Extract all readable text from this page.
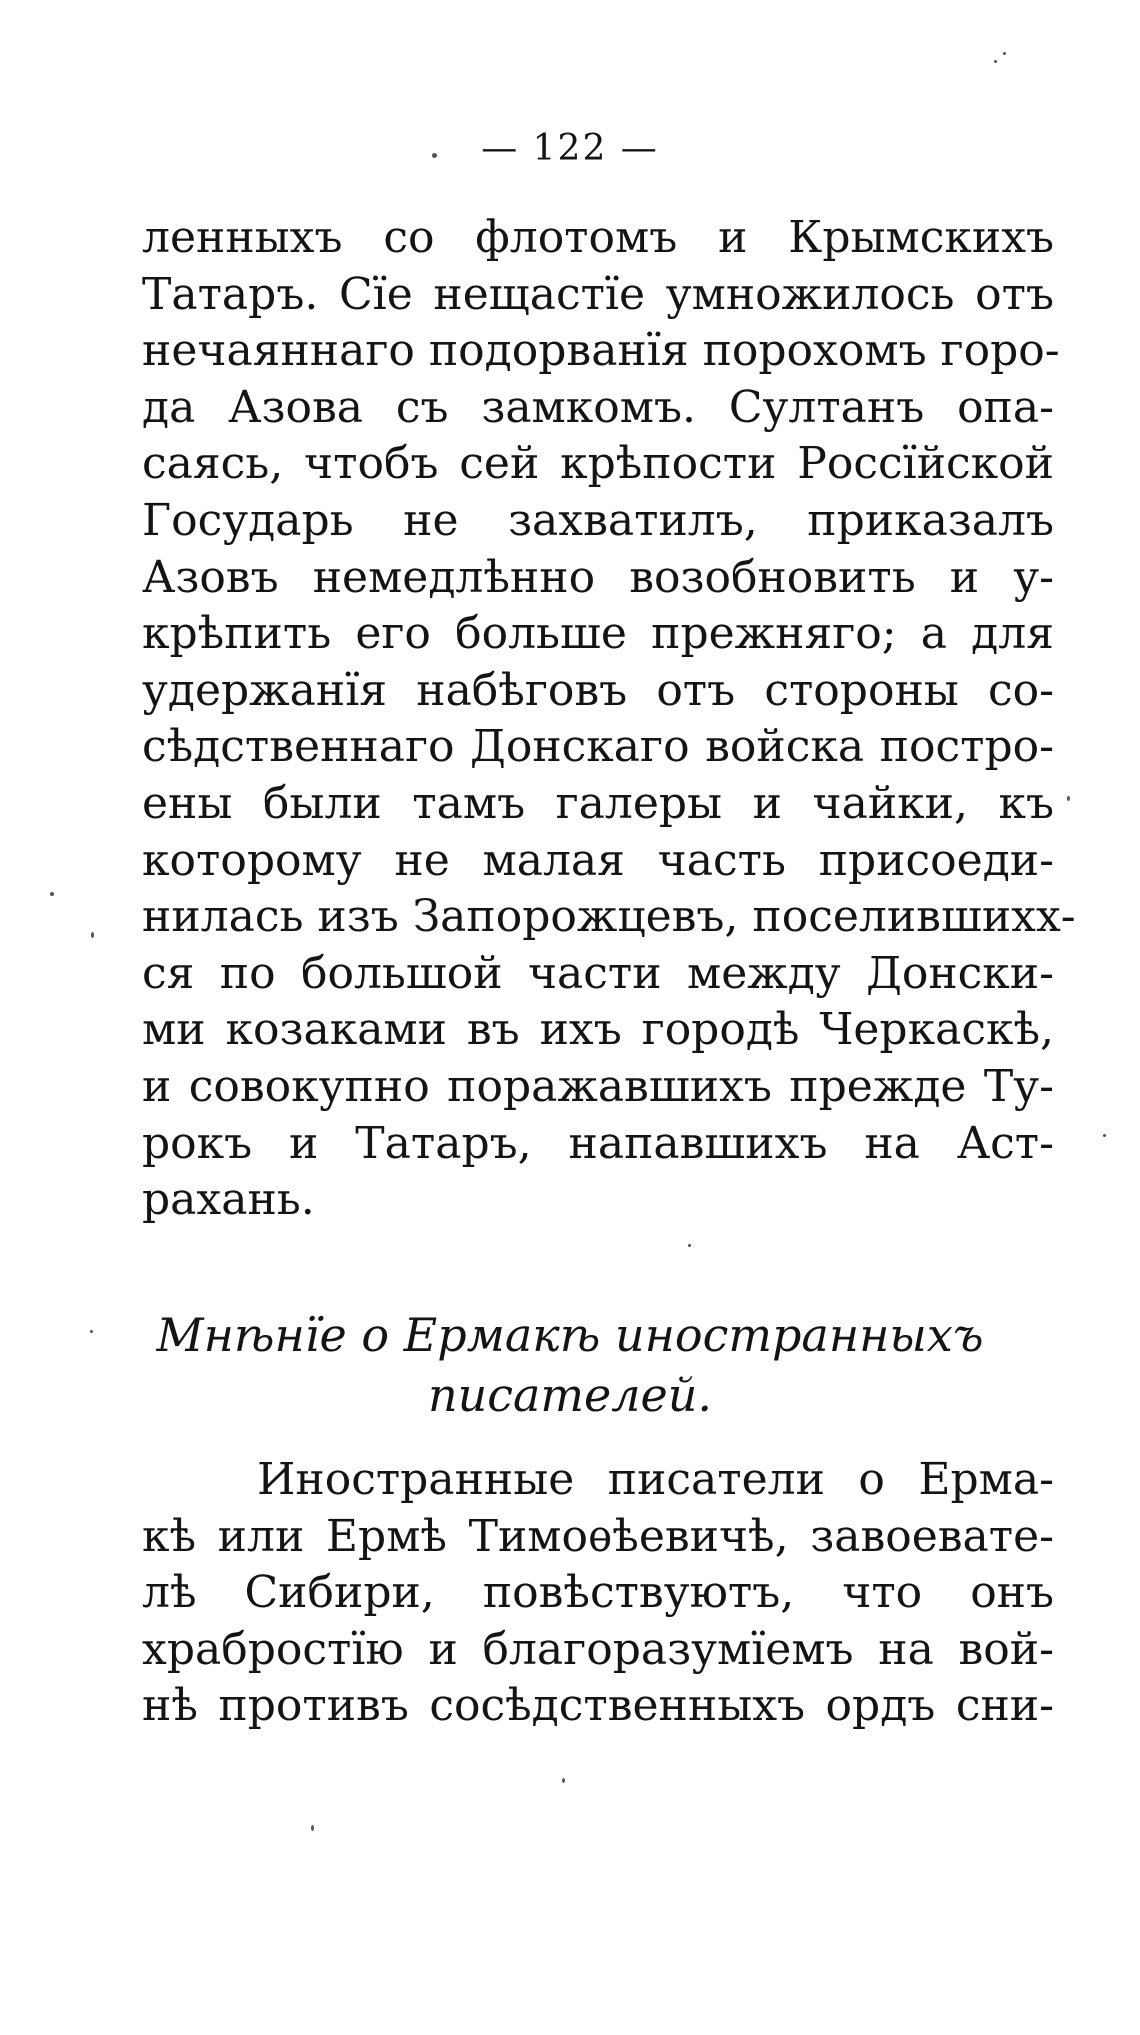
— 122 —
ленныхъ со флотомъ и Крымскихъ
Татаръ. Сїе нещастїе умножилось отъ
нечаяннаго подорванїя порохомъ горо-
да Азова съ замкомъ. Султанъ опа-
саясь, чтобъ сей крѣпости Россїйской
Государь не захватилъ, приказалъ
Азовъ немедлѣнно возобновить и у-
крѣпить его больше прежняго; а для
удержанїя набѣговъ отъ стороны со-
сѣдственнаго Донскаго войска постро-
ены были тамъ галеры и чайки, къ
которому не малая часть присоеди-
нилась изъ Запорожцевъ, поселившихх-
ся по большой части между Донски-
ми козаками въ ихъ городѣ Черкаскѣ,
и совокупно поражавшихъ прежде Ту-
рокъ и Татаръ, напавшихъ на Аст-
рахань.
Мнѣнїе о Ермакѣ иностранныхъ
писателей.
Иностранные писатели о Ерма-
кѣ или Ермѣ Тимоѳѣевичѣ, завоевате-
лѣ Сибири, повѣствуютъ, что онъ
храбростїю и благоразумїемъ на вой-
нѣ противъ сосѣдственныхъ ордъ сни-
